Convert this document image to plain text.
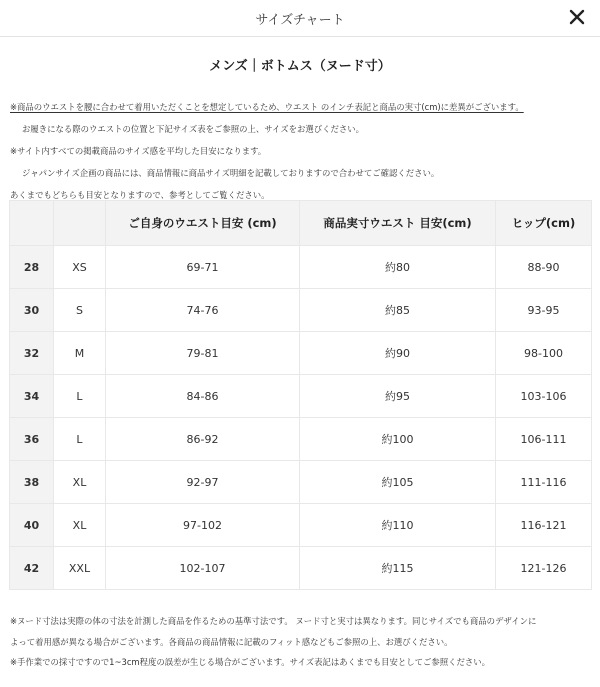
サイズチャート
メンズ｜ボトムス（ヌード寸）
※商品のウエストを腰に合わせて着用いただくことを想定しているため、ウエスト のインチ表記と商品の実寸(cm)に差異がございます。
お履きになる際のウエストの位置と下記サイズ表をご参照の上、サイズをお選びください。
※サイト内すべての掲載商品のサイズ感を平均した目安になります。
ジャパンサイズ企画の商品には、商品情報に商品サイズ明細を記載しておりますので合わせてご確認ください。
あくまでもどちらも目安となりますので、参考としてご覧ください。
		ご自身のウエスト目安 (cm)	商品実寸ウエスト 目安(cm)	ヒップ(cm)
28	XS	69-71	約80	88-90
30	S	74-76	約85	93-95
32	M	79-81	約90	98-100
34	L	84-86	約95	103-106
36	L	86-92	約100	106-111
38	XL	92-97	約105	111-116
40	XL	97-102	約110	116-121
42	XXL	102-107	約115	121-126
※ヌード寸法は実際の体の寸法を計測した商品を作るための基準寸法です。 ヌード寸と実寸は異なります。同じサイズでも商品のデザインに
よって着用感が異なる場合がございます。各商品の商品情報に記載のフィット感などもご参照の上、お選びください。
※手作業での採寸ですので1~3cm程度の誤差が生じる場合がございます。サイズ表記はあくまでも目安としてご参照ください。
